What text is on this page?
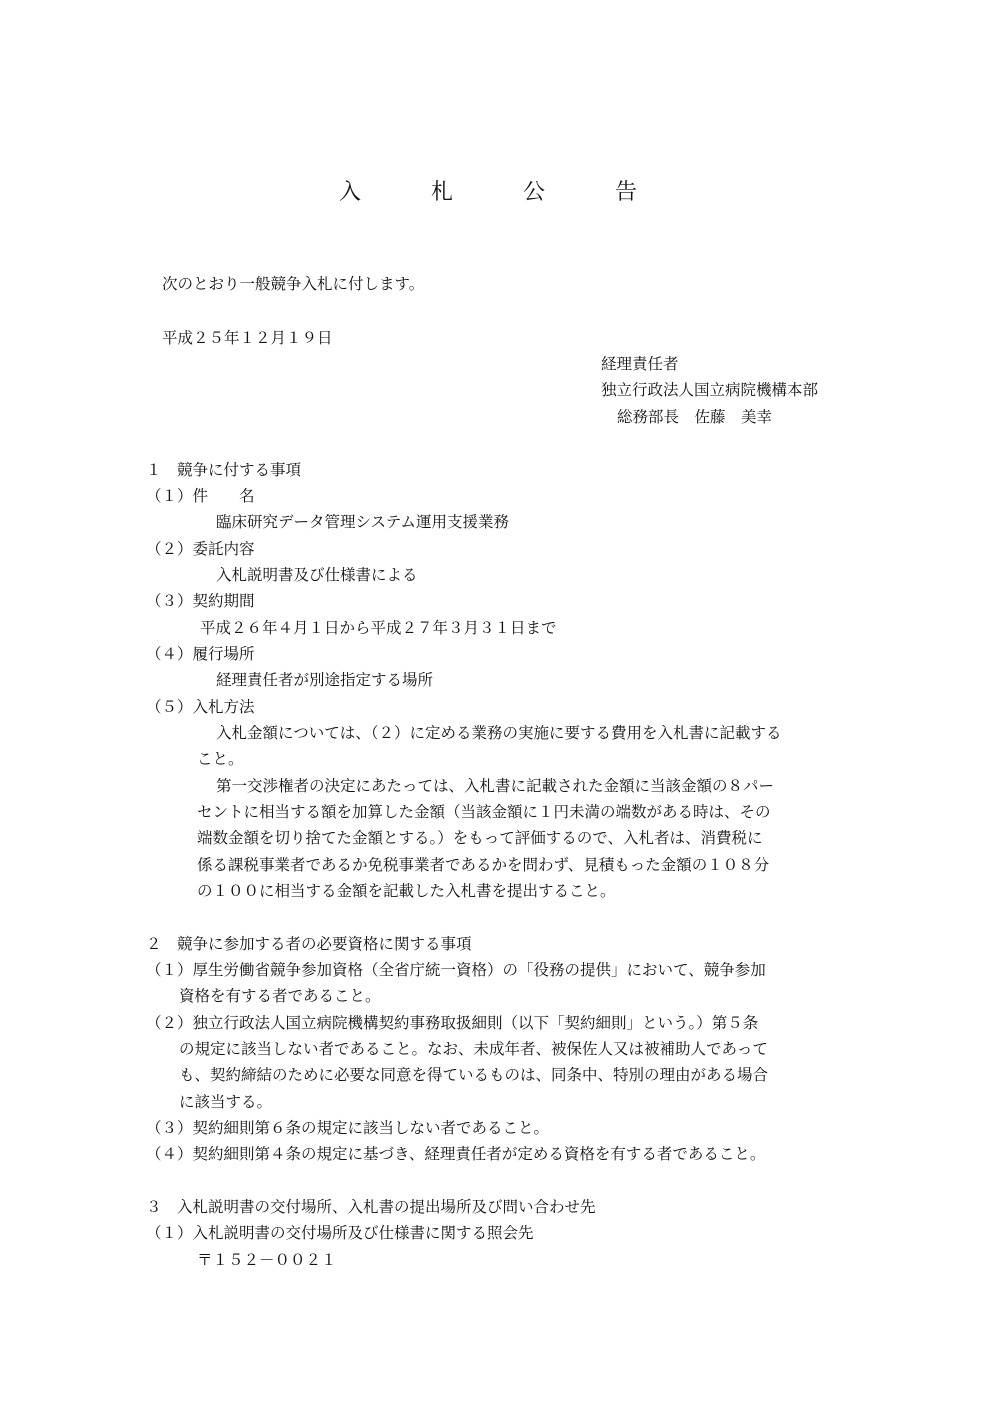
入　札　公　告
次のとおり一般競争入札に付します。
平成２５年１２月１９日
経理責任者
独立行政法人国立病院機構本部
総務部長　佐藤　美幸
１　競争に付する事項
（１）件　　名
臨床研究データ管理システム運用支援業務
（２）委託内容
入札説明書及び仕様書による
（３）契約期間
平成２６年４月１日から平成２７年３月３１日まで
（４）履行場所
経理責任者が別途指定する場所
（５）入札方法
入札金額については、（２）に定める業務の実施に要する費用を入札書に記載する
こと。
第一交渉権者の決定にあたっては、入札書に記載された金額に当該金額の８パー
セントに相当する額を加算した金額（当該金額に１円未満の端数がある時は、その
端数金額を切り捨てた金額とする。）をもって評価するので、入札者は、消費税に
係る課税事業者であるか免税事業者であるかを問わず、見積もった金額の１０８分
の１００に相当する金額を記載した入札書を提出すること。
２　競争に参加する者の必要資格に関する事項
（１）厚生労働省競争参加資格（全省庁統一資格）の「役務の提供」において、競争参加
資格を有する者であること。
（２）独立行政法人国立病院機構契約事務取扱細則（以下「契約細則」という。）第５条
の規定に該当しない者であること。なお、未成年者、被保佐人又は被補助人であって
も、契約締結のために必要な同意を得ているものは、同条中、特別の理由がある場合
に該当する。
（３）契約細則第６条の規定に該当しない者であること。
（４）契約細則第４条の規定に基づき、経理責任者が定める資格を有する者であること。
３　入札説明書の交付場所、入札書の提出場所及び問い合わせ先
（１）入札説明書の交付場所及び仕様書に関する照会先
〒１５２－００２１
